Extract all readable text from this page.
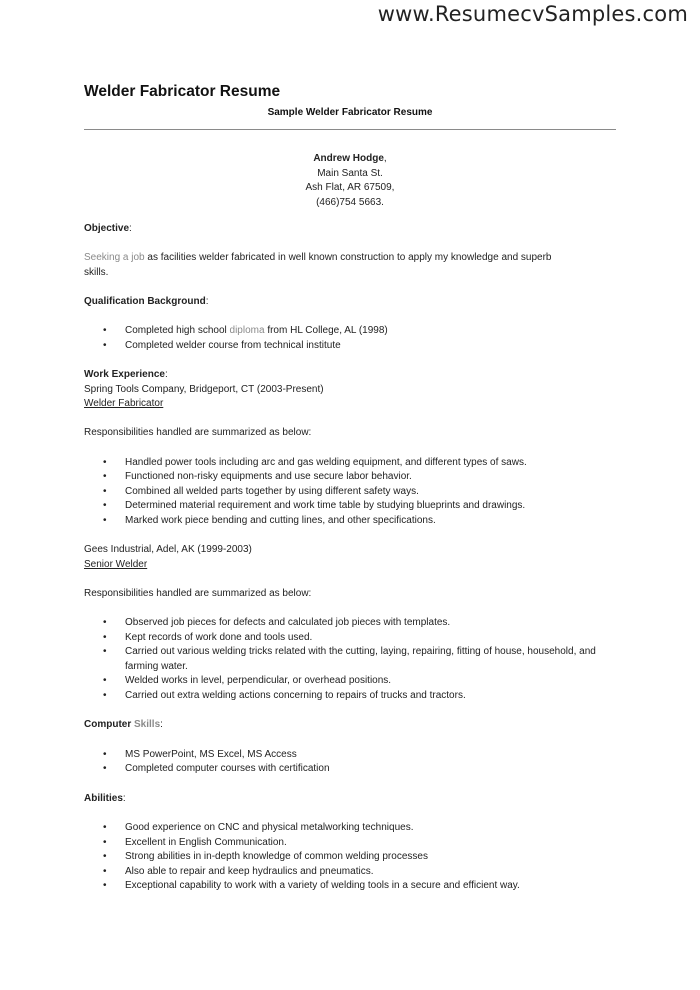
www.ResumecvSamples.com
Welder Fabricator Resume
Sample Welder Fabricator Resume
Andrew Hodge,
Main Santa St.
Ash Flat, AR 67509,
(466)754 5663.

Objective:

Seeking a job as facilities welder fabricated in well known construction to apply my knowledge and superb

skills.

Qualification Background:

• Completed high school diploma from HL College, AL (1998)
• Completed welder course from technical institute

Work Experience:

Spring Tools Company, Bridgeport, CT (2003-Present)

Welder Fabricator

Responsibilities handled are summarized as below:

• Handled power tools including arc and gas welding equipment, and different types of saws.
• Functioned non-risky equipments and use secure labor behavior.
• Combined all welded parts together by using different safety ways.
• Determined material requirement and work time table by studying blueprints and drawings.
• Marked work piece bending and cutting lines, and other specifications.

Gees Industrial, Adel, AK (1999-2003)

Senior Welder

Responsibilities handled are summarized as below:

• Observed job pieces for defects and calculated job pieces with templates.
• Kept records of work done and tools used.
• Carried out various welding tricks related with the cutting, laying, repairing, fitting of house, household, and farming water.
• Welded works in level, perpendicular, or overhead positions.
• Carried out extra welding actions concerning to repairs of trucks and tractors.

Computer Skills:

• MS PowerPoint, MS Excel, MS Access
• Completed computer courses with certification

Abilities:

• Good experience on CNC and physical metalworking techniques.
• Excellent in English Communication.
• Strong abilities in in-depth knowledge of common welding processes
• Also able to repair and keep hydraulics and pneumatics.
• Exceptional capability to work with a variety of welding tools in a secure and efficient way.
